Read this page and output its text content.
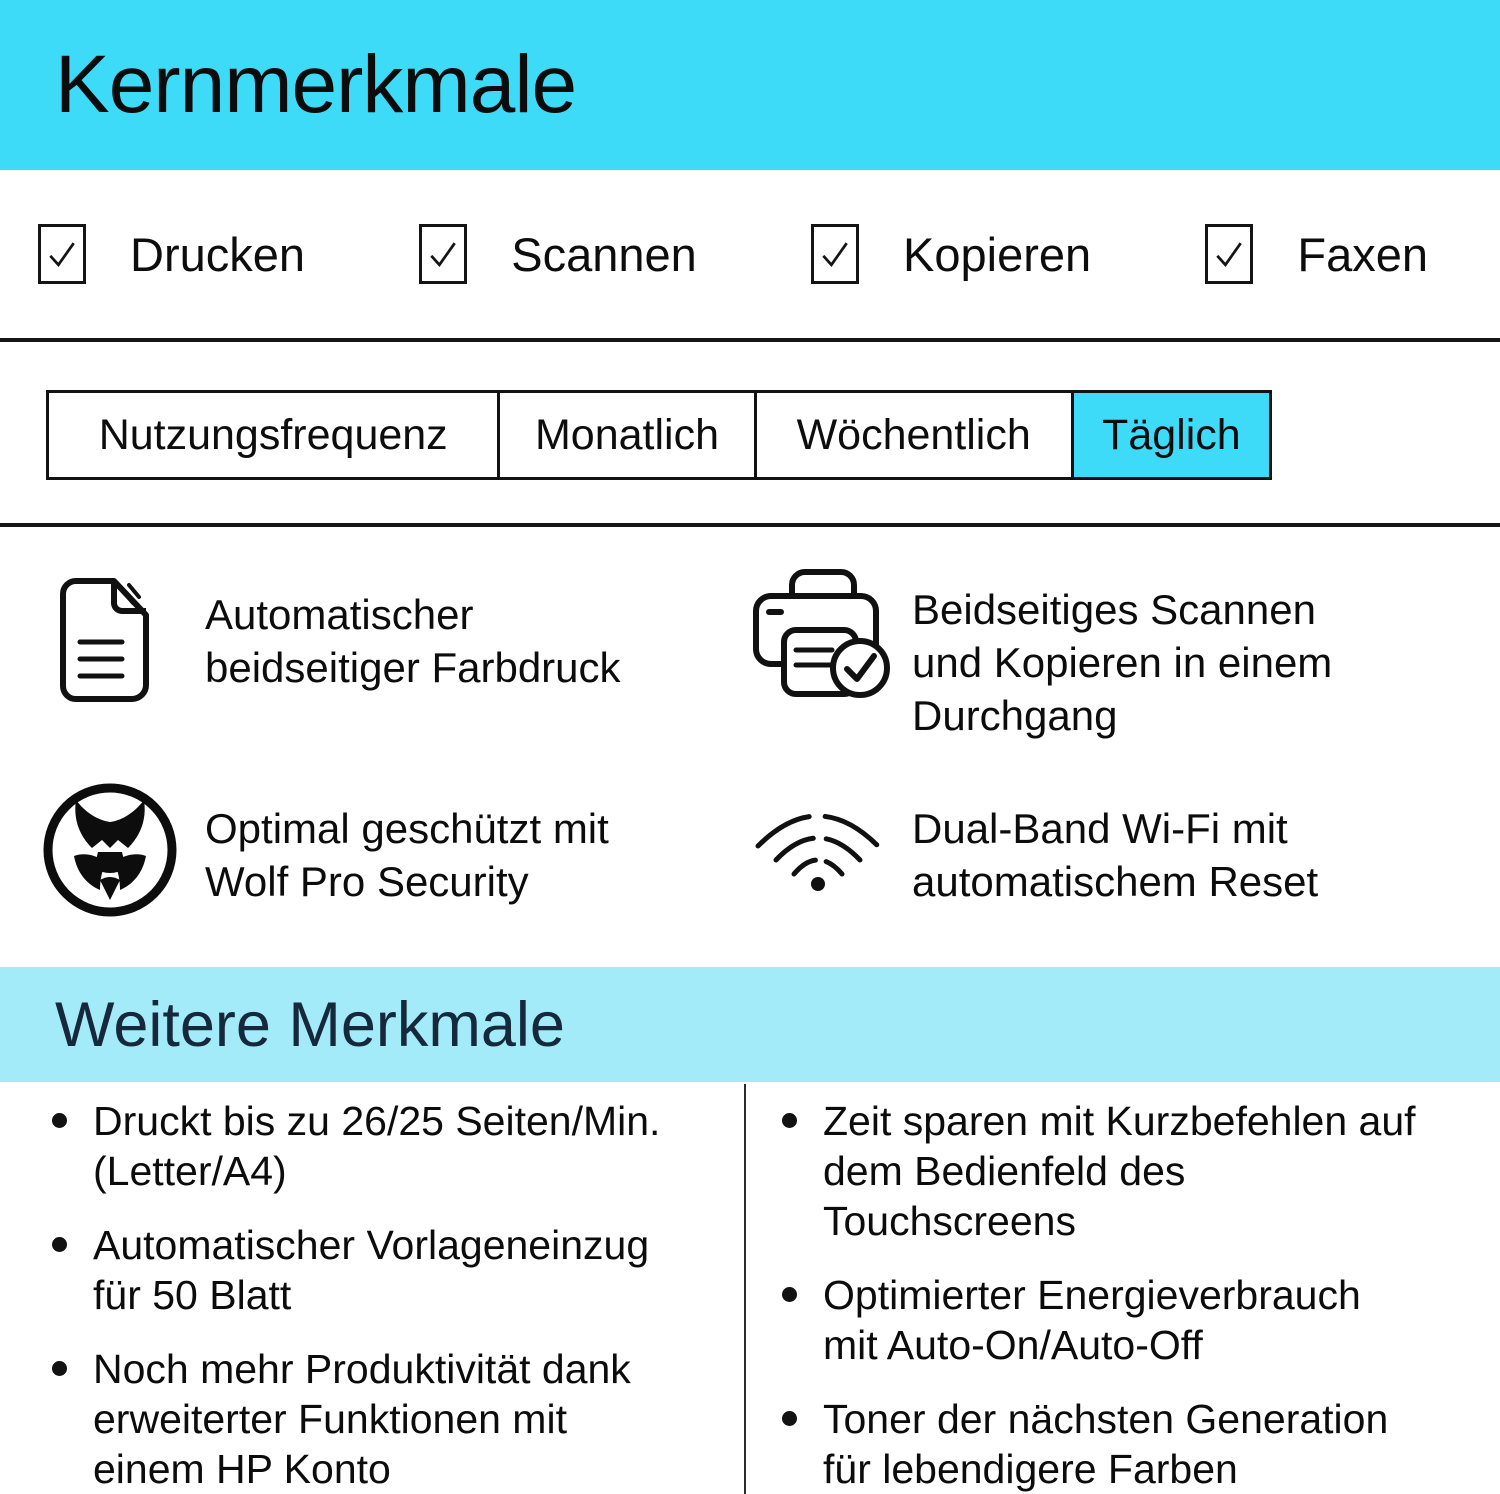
Kernmerkmale
Drucken	Scannen	Kopieren	Faxen
Nutzungsfrequenz	Monatlich	Wöchentlich	Täglich
Automatischer
beidseitiger Farbdruck
Beidseitiges Scannen
und Kopieren in einem
Durchgang
Optimal geschützt mit
Wolf Pro Security
Dual-Band Wi-Fi mit
automatischem Reset
Weitere Merkmale
Druckt bis zu 26/25 Seiten/Min.
(Letter/A4)
Automatischer Vorlageneinzug
für 50 Blatt
Noch mehr Produktivität dank
erweiterter Funktionen mit
einem HP Konto
Zeit sparen mit Kurzbefehlen auf
dem Bedienfeld des
Touchscreens
Optimierter Energieverbrauch
mit Auto-On/Auto-Off
Toner der nächsten Generation
für lebendigere Farben
